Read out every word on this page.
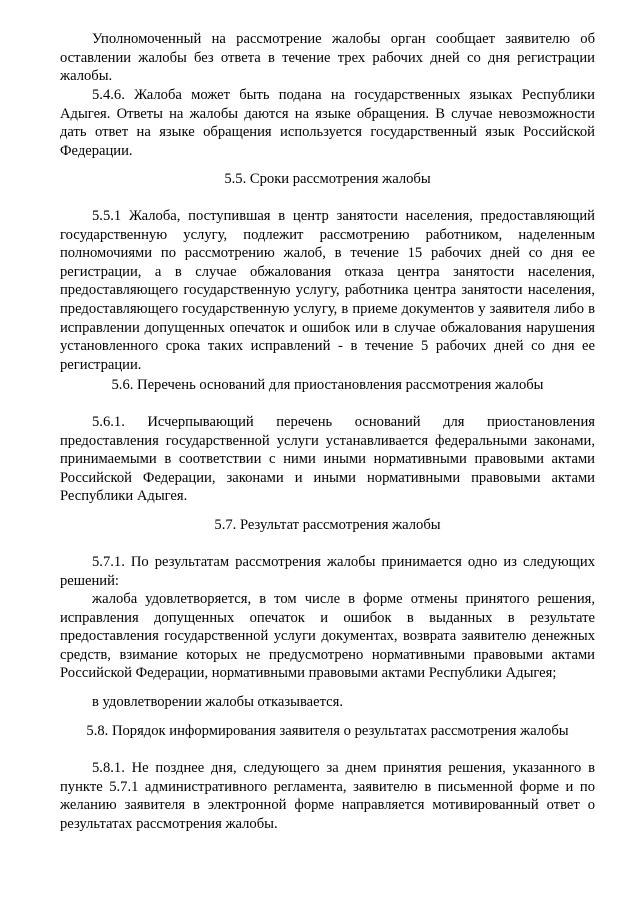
Уполномоченный на рассмотрение жалобы орган сообщает заявителю об оставлении жалобы без ответа в течение трех рабочих дней со дня регистрации жалобы.

5.4.6. Жалоба может быть подана на государственных языках Республики Адыгея. Ответы на жалобы даются на языке обращения. В случае невозможности дать ответ на языке обращения используется государственный язык Российской Федерации.

5.5. Сроки рассмотрения жалобы

5.5.1 Жалоба, поступившая в центр занятости населения, предоставляющий государственную услугу, подлежит рассмотрению работником, наделенным полномочиями по рассмотрению жалоб, в течение 15 рабочих дней со дня ее регистрации, а в случае обжалования отказа центра занятости населения, предоставляющего государственную услугу, работника центра занятости населения, предоставляющего государственную услугу, в приеме документов у заявителя либо в исправлении допущенных опечаток и ошибок или в случае обжалования нарушения установленного срока таких исправлений - в течение 5 рабочих дней со дня ее регистрации.

5.6. Перечень оснований для приостановления рассмотрения жалобы

5.6.1. Исчерпывающий перечень оснований для приостановления предоставления государственной услуги устанавливается федеральными законами, принимаемыми в соответствии с ними иными нормативными правовыми актами Российской Федерации, законами и иными нормативными правовыми актами Республики Адыгея.

5.7. Результат рассмотрения жалобы

5.7.1. По результатам рассмотрения жалобы принимается одно из следующих решений:

жалоба удовлетворяется, в том числе в форме отмены принятого решения, исправления допущенных опечаток и ошибок в выданных в результате предоставления государственной услуги документах, возврата заявителю денежных средств, взимание которых не предусмотрено нормативными правовыми актами Российской Федерации, нормативными правовыми актами Республики Адыгея;

в удовлетворении жалобы отказывается.

5.8. Порядок информирования заявителя о результатах рассмотрения жалобы

5.8.1. Не позднее дня, следующего за днем принятия решения, указанного в пункте 5.7.1 административного регламента, заявителю в письменной форме и по желанию заявителя в электронной форме направляется мотивированный ответ о результатах рассмотрения жалобы.
